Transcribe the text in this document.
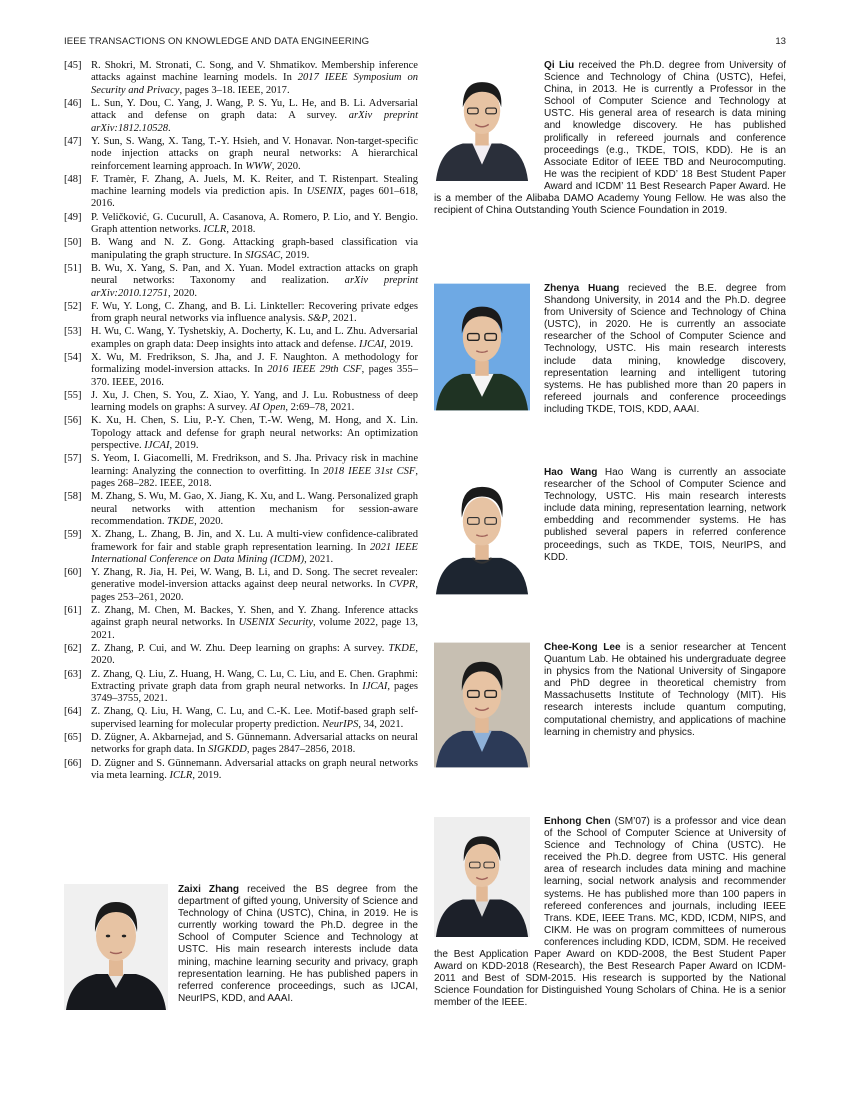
IEEE TRANSACTIONS ON KNOWLEDGE AND DATA ENGINEERING	13
[45] R. Shokri, M. Stronati, C. Song, and V. Shmatikov. Membership inference attacks against machine learning models. In 2017 IEEE Symposium on Security and Privacy, pages 3–18. IEEE, 2017.
[46] L. Sun, Y. Dou, C. Yang, J. Wang, P. S. Yu, L. He, and B. Li. Adversarial attack and defense on graph data: A survey. arXiv preprint arXiv:1812.10528.
[47] Y. Sun, S. Wang, X. Tang, T.-Y. Hsieh, and V. Honavar. Non-target-specific node injection attacks on graph neural networks: A hierarchical reinforcement learning approach. In WWW, 2020.
[48] F. Tramèr, F. Zhang, A. Juels, M. K. Reiter, and T. Ristenpart. Stealing machine learning models via prediction apis. In USENIX, pages 601–618, 2016.
[49] P. Veličković, G. Cucurull, A. Casanova, A. Romero, P. Lio, and Y. Bengio. Graph attention networks. ICLR, 2018.
[50] B. Wang and N. Z. Gong. Attacking graph-based classification via manipulating the graph structure. In SIGSAC, 2019.
[51] B. Wu, X. Yang, S. Pan, and X. Yuan. Model extraction attacks on graph neural networks: Taxonomy and realization. arXiv preprint arXiv:2010.12751, 2020.
[52] F. Wu, Y. Long, C. Zhang, and B. Li. Linkteller: Recovering private edges from graph neural networks via influence analysis. S&P, 2021.
[53] H. Wu, C. Wang, Y. Tyshetskiy, A. Docherty, K. Lu, and L. Zhu. Adversarial examples on graph data: Deep insights into attack and defense. IJCAI, 2019.
[54] X. Wu, M. Fredrikson, S. Jha, and J. F. Naughton. A methodology for formalizing model-inversion attacks. In 2016 IEEE 29th CSF, pages 355–370. IEEE, 2016.
[55] J. Xu, J. Chen, S. You, Z. Xiao, Y. Yang, and J. Lu. Robustness of deep learning models on graphs: A survey. AI Open, 2:69–78, 2021.
[56] K. Xu, H. Chen, S. Liu, P.-Y. Chen, T.-W. Weng, M. Hong, and X. Lin. Topology attack and defense for graph neural networks: An optimization perspective. IJCAI, 2019.
[57] S. Yeom, I. Giacomelli, M. Fredrikson, and S. Jha. Privacy risk in machine learning: Analyzing the connection to overfitting. In 2018 IEEE 31st CSF, pages 268–282. IEEE, 2018.
[58] M. Zhang, S. Wu, M. Gao, X. Jiang, K. Xu, and L. Wang. Personalized graph neural networks with attention mechanism for session-aware recommendation. TKDE, 2020.
[59] X. Zhang, L. Zhang, B. Jin, and X. Lu. A multi-view confidence-calibrated framework for fair and stable graph representation learning. In 2021 IEEE International Conference on Data Mining (ICDM), 2021.
[60] Y. Zhang, R. Jia, H. Pei, W. Wang, B. Li, and D. Song. The secret revealer: generative model-inversion attacks against deep neural networks. In CVPR, pages 253–261, 2020.
[61] Z. Zhang, M. Chen, M. Backes, Y. Shen, and Y. Zhang. Inference attacks against graph neural networks. In USENIX Security, volume 2022, page 13, 2021.
[62] Z. Zhang, P. Cui, and W. Zhu. Deep learning on graphs: A survey. TKDE, 2020.
[63] Z. Zhang, Q. Liu, Z. Huang, H. Wang, C. Lu, C. Liu, and E. Chen. Graphmi: Extracting private graph data from graph neural networks. In IJCAI, pages 3749–3755, 2021.
[64] Z. Zhang, Q. Liu, H. Wang, C. Lu, and C.-K. Lee. Motif-based graph self-supervised learning for molecular property prediction. NeurIPS, 34, 2021.
[65] D. Zügner, A. Akbarnejad, and S. Günnemann. Adversarial attacks on neural networks for graph data. In SIGKDD, pages 2847–2856, 2018.
[66] D. Zügner and S. Günnemann. Adversarial attacks on graph neural networks via meta learning. ICLR, 2019.
Qi Liu received the Ph.D. degree from University of Science and Technology of China (USTC), Hefei, China, in 2013. He is currently a Professor in the School of Computer Science and Technology at USTC. His general area of research is data mining and knowledge discovery. He has published prolifically in refereed journals and conference proceedings (e.g., TKDE, TOIS, KDD). He is an Associate Editor of IEEE TBD and Neurocomputing. He was the recipient of KDD’ 18 Best Student Paper Award and ICDM’ 11 Best Research Paper Award. He is a member of the Alibaba DAMO Academy Young Fellow. He was also the recipient of China Outstanding Youth Science Foundation in 2019.
Zhenya Huang recieved the B.E. degree from Shandong University, in 2014 and the Ph.D. degree from University of Science and Technology of China (USTC), in 2020. He is currently an associate researcher of the School of Computer Science and Technology, USTC. His main research interests include data mining, knowledge discovery, representation learning and intelligent tutoring systems. He has published more than 20 papers in refereed journals and conference proceedings including TKDE, TOIS, KDD, AAAI.
Hao Wang Hao Wang is currently an associate researcher of the School of Computer Science and Technology, USTC. His main research interests include data mining, representation learning, network embedding and recommender systems. He has published several papers in referred conference proceedings, such as TKDE, TOIS, NeurIPS, and KDD.
Chee-Kong Lee is a senior researcher at Tencent Quantum Lab. He obtained his undergraduate degree in physics from the National University of Singapore and PhD degree in theoretical chemistry from Massachusetts Institute of Technology (MIT). His research interests include quantum computing, computational chemistry, and applications of machine learning in chemistry and physics.
Enhong Chen (SM’07) is a professor and vice dean of the School of Computer Science at University of Science and Technology of China (USTC). He received the Ph.D. degree from USTC. His general area of research includes data mining and machine learning, social network analysis and recommender systems. He has published more than 100 papers in refereed conferences and journals, including IEEE Trans. KDE, IEEE Trans. MC, KDD, ICDM, NIPS, and CIKM. He was on program committees of numerous conferences including KDD, ICDM, SDM. He received the Best Application Paper Award on KDD-2008, the Best Student Paper Award on KDD-2018 (Research), the Best Research Paper Award on ICDM-2011 and Best of SDM-2015. His research is supported by the National Science Foundation for Distinguished Young Scholars of China. He is a senior member of the IEEE.
Zaixi Zhang received the BS degree from the department of gifted young, University of Science and Technology of China (USTC), China, in 2019. He is currently working toward the Ph.D. degree in the School of Computer Science and Technology at USTC. His main research interests include data mining, machine learning security and privacy, graph representation learning. He has published papers in referred conference proceedings, such as IJCAI, NeurIPS, KDD, and AAAI.
